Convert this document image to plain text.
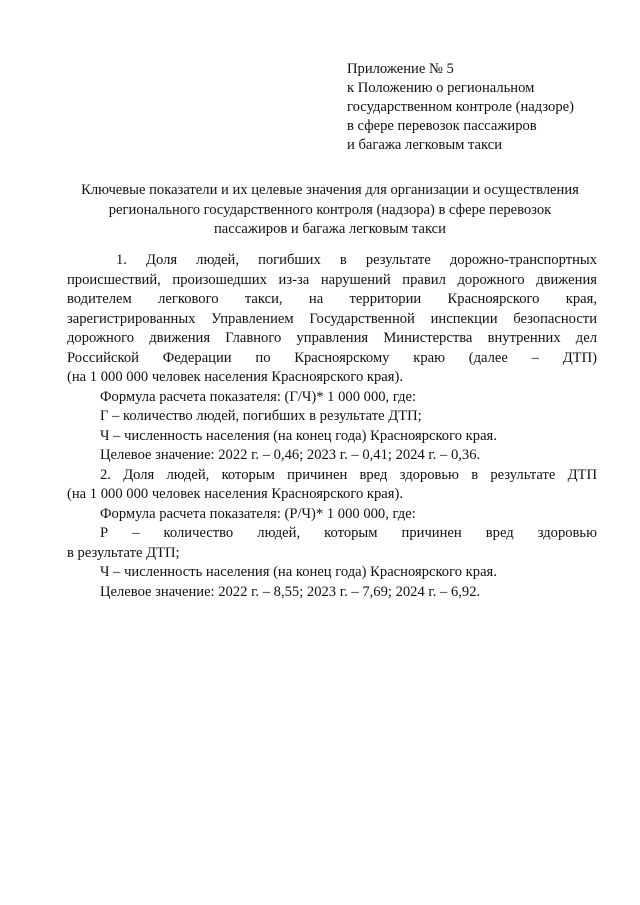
Приложение № 5
к Положению о региональном
государственном контроле (надзоре)
в сфере перевозок пассажиров
и багажа легковым такси
Ключевые показатели и их целевые значения для организации и осуществления
регионального государственного контроля (надзора) в сфере перевозок
пассажиров и багажа легковым такси
1. Доля людей, погибших в результате дорожно-транспортных
происшествий, произошедших из-за нарушений правил дорожного движения
водителем легкового такси, на территории Красноярского края,
зарегистрированных Управлением Государственной инспекции безопасности
дорожного движения Главного управления Министерства внутренних дел
Российской Федерации по Красноярскому краю (далее – ДТП)
(на 1 000 000 человек населения Красноярского края).
Формула расчета показателя: (Г/Ч)* 1 000 000, где:
Г – количество людей, погибших в результате ДТП;
Ч – численность населения (на конец года) Красноярского края.
Целевое значение: 2022 г. – 0,46; 2023 г. – 0,41; 2024 г. – 0,36.
2. Доля людей, которым причинен вред здоровью в результате ДТП
(на 1 000 000 человек населения Красноярского края).
Формула расчета показателя: (Р/Ч)* 1 000 000, где:
Р – количество людей, которым причинен вред здоровью
в результате ДТП;
Ч – численность населения (на конец года) Красноярского края.
Целевое значение: 2022 г. – 8,55; 2023 г. – 7,69; 2024 г. – 6,92.
